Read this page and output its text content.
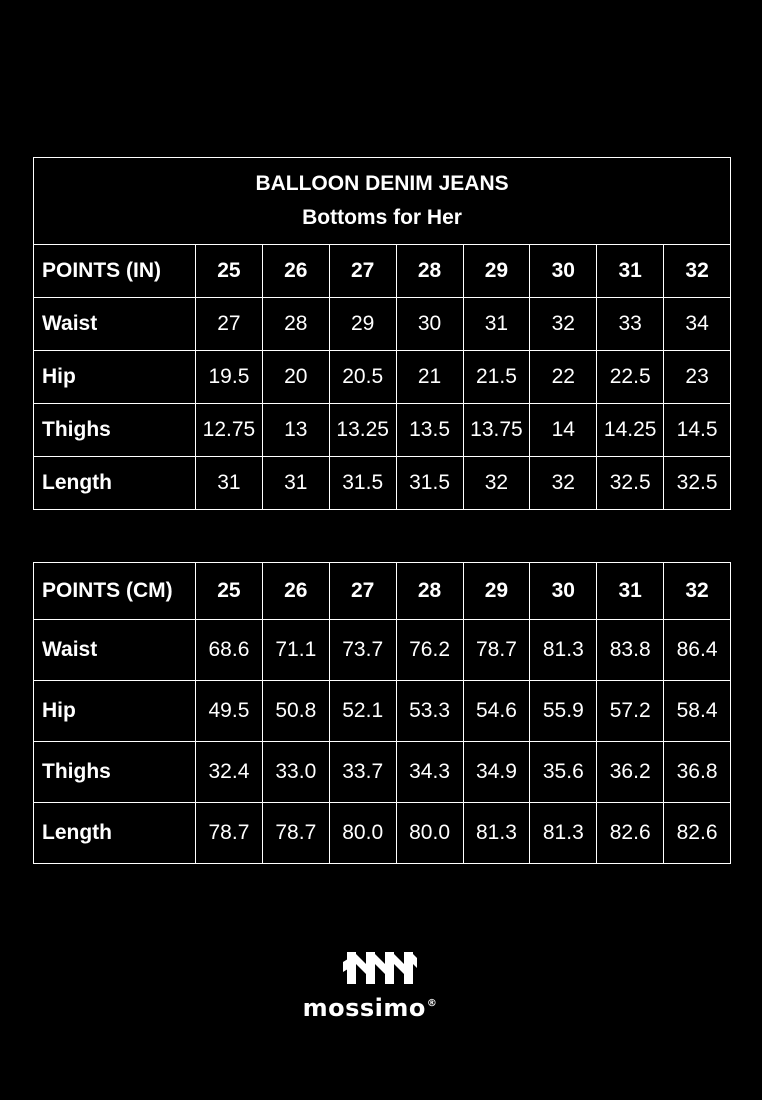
BALLOON DENIM JEANS
Bottoms for Her								

POINTS (IN)	25	26	27	28	29	30	31	32
Waist	27	28	29	30	31	32	33	34
Hip	19.5	20	20.5	21	21.5	22	22.5	23
Thighs	12.75	13	13.25	13.5	13.75	14	14.25	14.5
Length	31	31	31.5	31.5	32	32	32.5	32.5
POINTS (CM)	25	26	27	28	29	30	31	32
Waist	68.6	71.1	73.7	76.2	78.7	81.3	83.8	86.4
Hip	49.5	50.8	52.1	53.3	54.6	55.9	57.2	58.4
Thighs	32.4	33.0	33.7	34.3	34.9	35.6	36.2	36.8
Length	78.7	78.7	80.0	80.0	81.3	81.3	82.6	82.6
mossimo®
